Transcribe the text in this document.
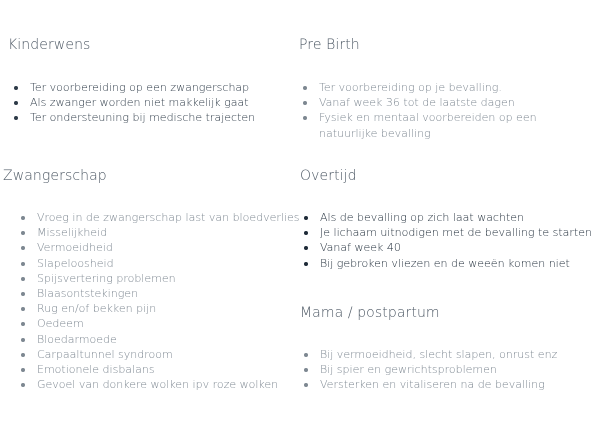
Kinderwens
Ter voorbereiding op een zwangerschap
Als zwanger worden niet makkelijk gaat
Ter ondersteuning bij medische trajecten
Pre Birth
Ter voorbereiding op je bevalling.
Vanaf week 36 tot de laatste dagen
Fysiek en mentaal voorbereiden op een natuurlijke bevalling
Zwangerschap
Vroeg in de zwangerschap last van bloedverlies
Misselijkheid
Vermoeidheid
Slapeloosheid
Spijsvertering problemen
Blaasontstekingen
Rug en/of bekken pijn
Oedeem
Bloedarmoede
Carpaaltunnel syndroom
Emotionele disbalans
Gevoel van donkere wolken ipv roze wolken
Overtijd
Als de bevalling op zich laat wachten
Je lichaam uitnodigen met de bevalling te starten
Vanaf week 40
Bij gebroken vliezen en de weeën komen niet
Mama / postpartum
Bij vermoeidheid, slecht slapen, onrust enz
Bij spier en gewrichtsproblemen
Versterken en vitaliseren na de bevalling
